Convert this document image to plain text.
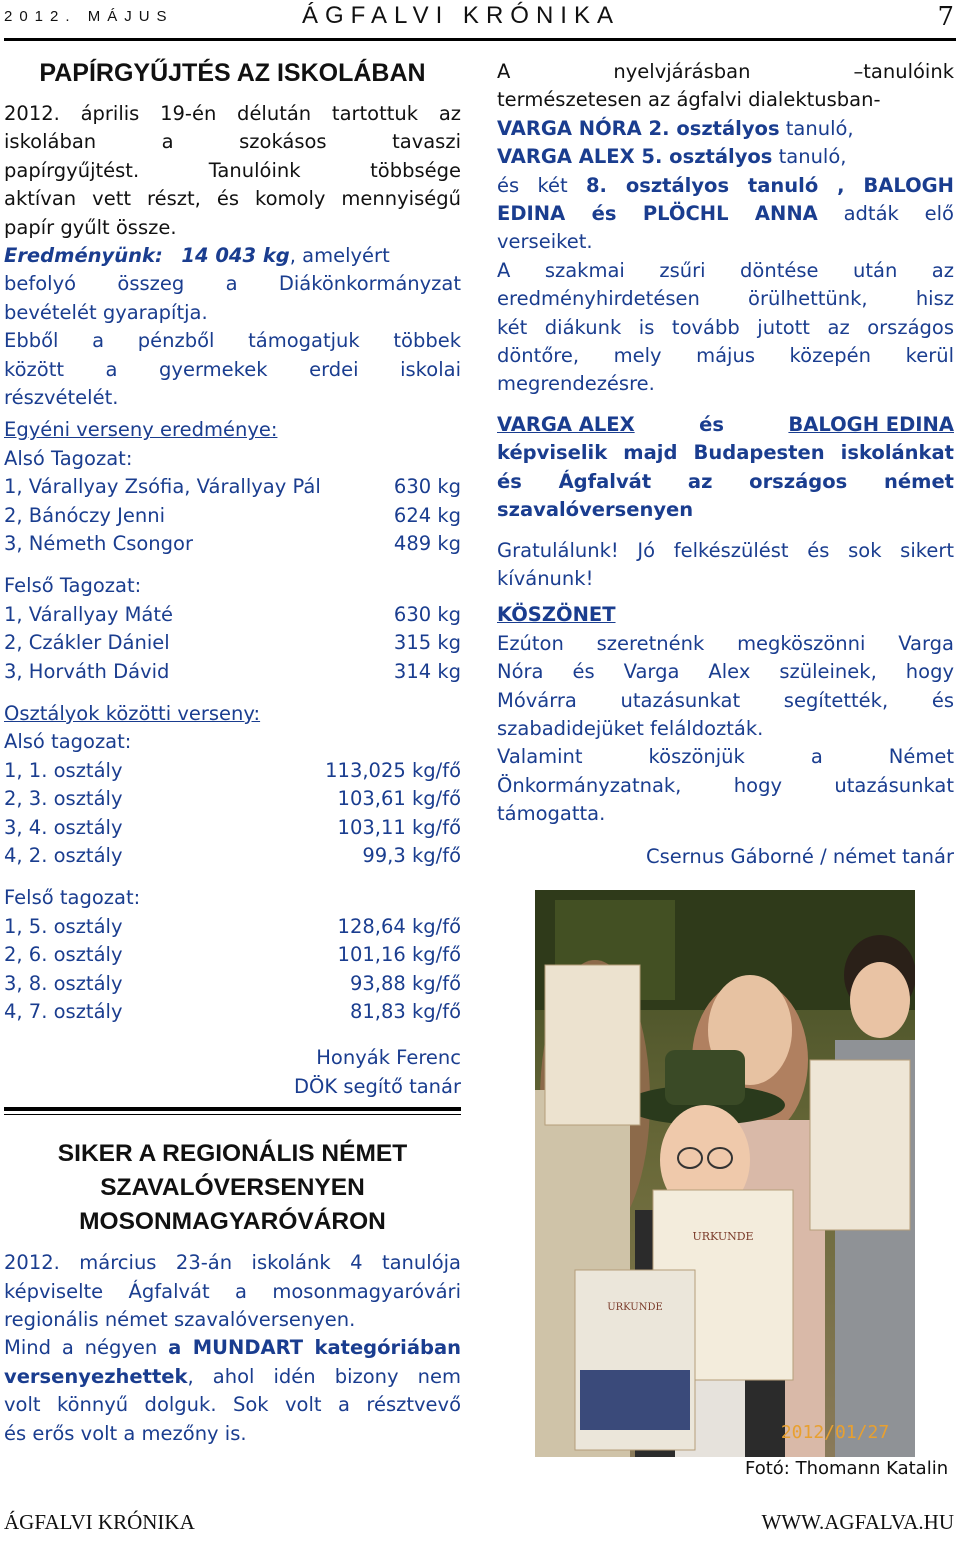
2012. MÁJUS	ÁGFALVI KRÓNIKA	7
PAPÍRGYŰJTÉS AZ ISKOLÁBAN
2012. április 19-én délután tartottuk az
iskolában a szokásos tavaszi
papírgyűjtést. Tanulóink többsége
aktívan vett részt, és komoly mennyiségű
papír gyűlt össze.
Eredményünk: 14 043 kg, amelyért
befolyó összeg a Diákönkormányzat
bevételét gyarapítja.
Ebből a pénzből támogatjuk többek
között a gyermekek erdei iskolai
részvételét.
Egyéni verseny eredménye:
Alsó Tagozat:
1, Várallyay Zsófia, Várallyay Pál	630 kg
2, Bánóczy Jenni	624 kg
3, Németh Csongor	489 kg
Felső Tagozat:
1, Várallyay Máté	630 kg
2, Czákler Dániel	315 kg
3, Horváth Dávid	314 kg
Osztályok közötti verseny:
Alsó tagozat:
1, 1. osztály	113,025 kg/fő
2, 3. osztály	103,61 kg/fő
3, 4. osztály	103,11 kg/fő
4, 2. osztály	99,3 kg/fő
Felső tagozat:
1, 5. osztály	128,64 kg/fő
2, 6. osztály	101,16 kg/fő
3, 8. osztály	93,88 kg/fő
4, 7. osztály	81,83 kg/fő
Honyák Ferenc
DÖK segítő tanár
SIKER A REGIONÁLIS NÉMET
SZAVALÓVERSENYEN
MOSONMAGYARÓVÁRON
2012. március 23-án iskolánk 4 tanulója
képviselte Ágfalvát a mosonmagyaróvári
regionális német szavalóversenyen.
Mind a négyen a MUNDART kategóriában
versenyezhettek, ahol idén bizony nem
volt könnyű dolguk. Sok volt a résztvevő
és erős volt a mezőny is.
A nyelvjárásban –tanulóink
természetesen az ágfalvi dialektusban-
VARGA NÓRA 2. osztályos tanuló,
VARGA ALEX 5. osztályos tanuló,
és két 8. osztályos tanuló , BALOGH
EDINA és PLÖCHL ANNA adták elő
verseiket.
A szakmai zsűri döntése után az
eredményhirdetésen örülhettünk, hisz
két diákunk is tovább jutott az országos
döntőre, mely május közepén kerül
megrendezésre.
VARGA ALEX	és	BALOGH EDINA
képviselik majd Budapesten iskolánkat
és Ágfalvát az országos német
szavalóversenyen
Gratulálunk! Jó felkészülést és sok sikert
kívánunk!
KÖSZÖNET
Ezúton szeretnénk megköszönni Varga
Nóra és Varga Alex szüleinek, hogy
Móvárra utazásunkat segítették, és
szabadidejüket feláldozták.
Valamint köszönjük a Német
Önkormányzatnak, hogy utazásunkat
támogatta.
Csernus Gáborné / német tanár
URKUNDE
URKUNDE
2012/01/27
Fotó: Thomann Katalin
ÁGFALVI KRÓNIKA	WWW.AGFALVA.HU
